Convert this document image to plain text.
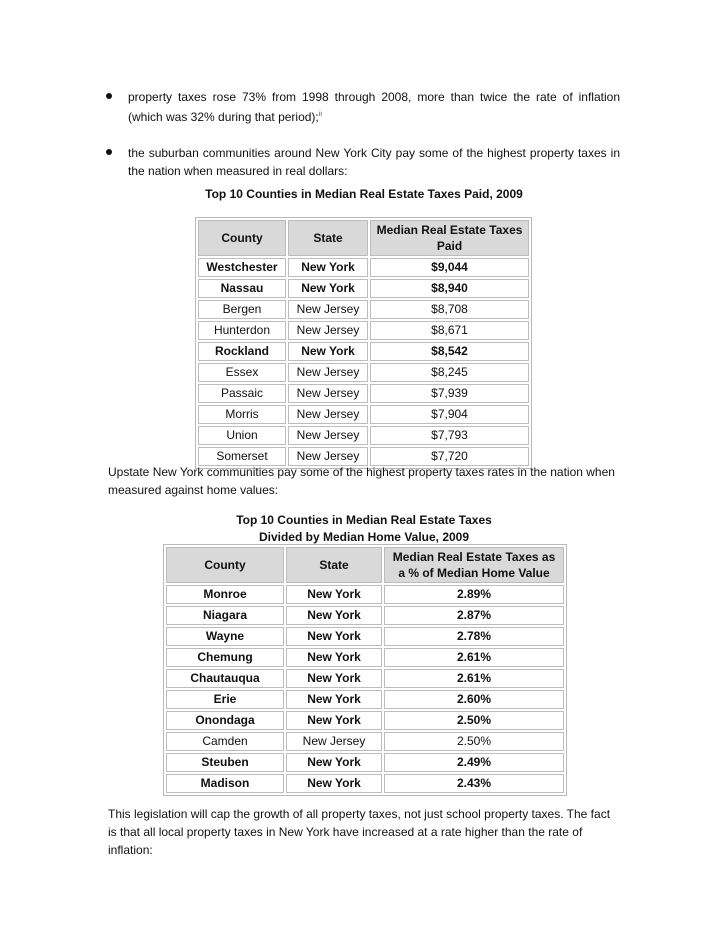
property taxes rose 73% from 1998 through 2008, more than twice the rate of inflation (which was 32% during that period);$^{ii}$
the suburban communities around New York City pay some of the highest property taxes in the nation when measured in real dollars:
Top 10 Counties in Median Real Estate Taxes Paid, 2009
County	State	Median Real Estate Taxes Paid
Westchester	New York	$9,044
Nassau	New York	$8,940
Bergen	New Jersey	$8,708
Hunterdon	New Jersey	$8,671
Rockland	New York	$8,542
Essex	New Jersey	$8,245
Passaic	New Jersey	$7,939
Morris	New Jersey	$7,904
Union	New Jersey	$7,793
Somerset	New Jersey	$7,720
Upstate New York communities pay some of the highest property taxes rates in the nation when measured against home values:
Top 10 Counties in Median Real Estate Taxes
Divided by Median Home Value, 2009
County	State	Median Real Estate Taxes as a % of Median Home Value
Monroe	New York	2.89%
Niagara	New York	2.87%
Wayne	New York	2.78%
Chemung	New York	2.61%
Chautauqua	New York	2.61%
Erie	New York	2.60%
Onondaga	New York	2.50%
Camden	New Jersey	2.50%
Steuben	New York	2.49%
Madison	New York	2.43%
This legislation will cap the growth of all property taxes, not just school property taxes. The fact is that all local property taxes in New York have increased at a rate higher than the rate of inflation:
